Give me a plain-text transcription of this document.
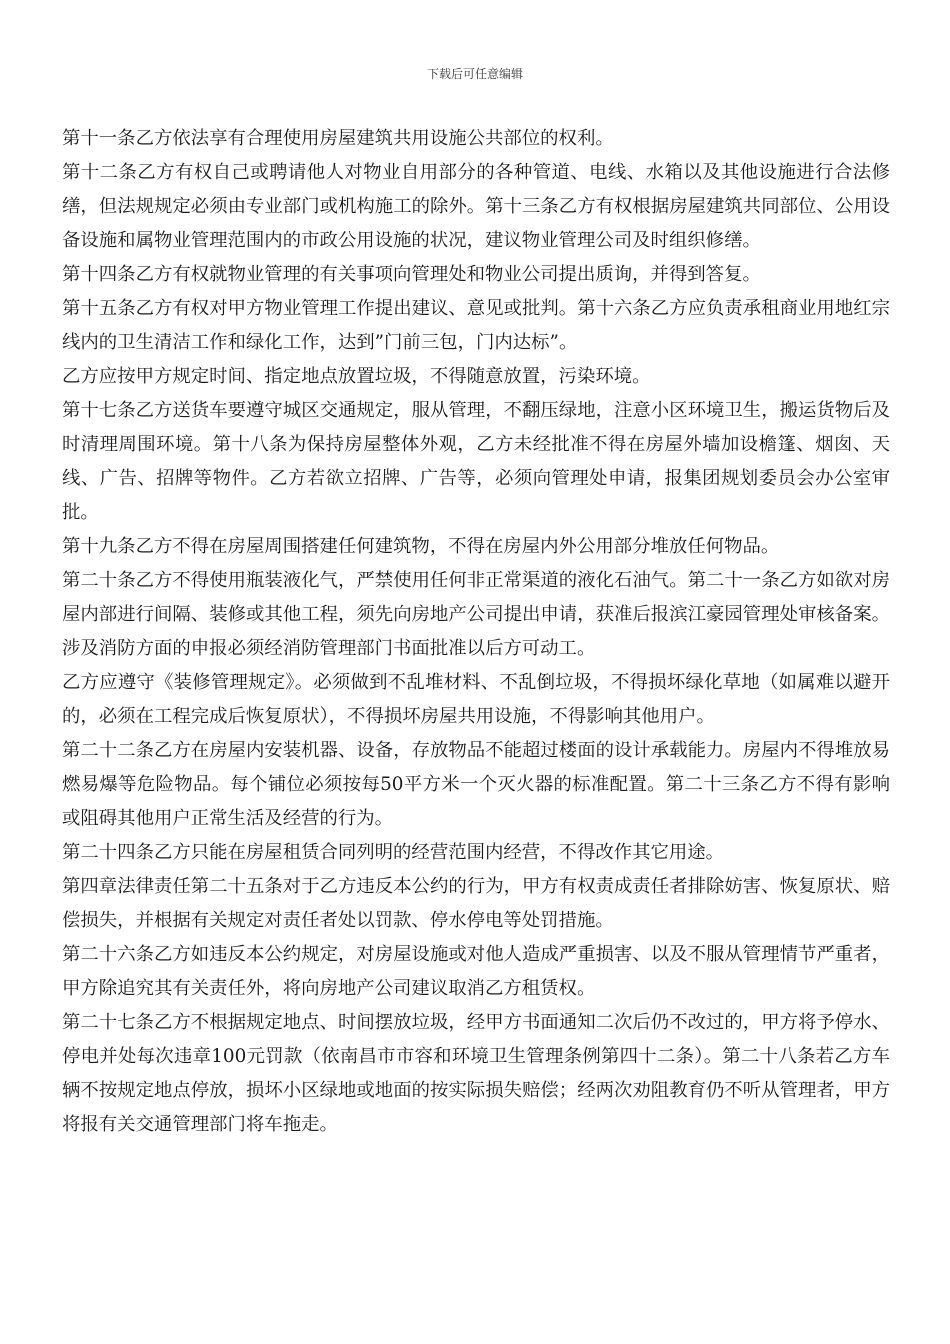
下载后可任意编辑

第十一条乙方依法享有合理使用房屋建筑共用设施公共部位的权利。

第十二条乙方有权自己或聘请他人对物业自用部分的各种管道、电线、水箱以及其他设施进行合法修缮，但法规规定必须由专业部门或机构施工的除外。第十三条乙方有权根据房屋建筑共同部位、公用设备设施和属物业管理范围内的市政公用设施的状况，建议物业管理公司及时组织修缮。

第十四条乙方有权就物业管理的有关事项向管理处和物业公司提出质询，并得到答复。

第十五条乙方有权对甲方物业管理工作提出建议、意见或批判。第十六条乙方应负责承租商业用地红宗线内的卫生清洁工作和绿化工作，达到”门前三包，门内达标”。

乙方应按甲方规定时间、指定地点放置垃圾，不得随意放置，污染环境。

第十七条乙方送货车要遵守城区交通规定，服从管理，不翻压绿地，注意小区环境卫生，搬运货物后及时清理周围环境。第十八条为保持房屋整体外观，乙方未经批准不得在房屋外墙加设檐篷、烟囱、天线、广告、招牌等物件。乙方若欲立招牌、广告等，必须向管理处申请，报集团规划委员会办公室审批。

第十九条乙方不得在房屋周围搭建任何建筑物，不得在房屋内外公用部分堆放任何物品。

第二十条乙方不得使用瓶装液化气，严禁使用任何非正常渠道的液化石油气。第二十一条乙方如欲对房屋内部进行间隔、装修或其他工程，须先向房地产公司提出申请，获准后报滨江豪园管理处审核备案。涉及消防方面的申报必须经消防管理部门书面批准以后方可动工。

乙方应遵守《装修管理规定》。必须做到不乱堆材料、不乱倒垃圾，不得损坏绿化草地（如属难以避开的，必须在工程完成后恢复原状），不得损坏房屋共用设施，不得影响其他用户。

第二十二条乙方在房屋内安装机器、设备，存放物品不能超过楼面的设计承载能力。房屋内不得堆放易燃易爆等危险物品。每个铺位必须按每50平方米一个灭火器的标准配置。第二十三条乙方不得有影响或阻碍其他用户正常生活及经营的行为。

第二十四条乙方只能在房屋租赁合同列明的经营范围内经营，不得改作其它用途。

第四章法律责任第二十五条对于乙方违反本公约的行为，甲方有权责成责任者排除妨害、恢复原状、赔偿损失，并根据有关规定对责任者处以罚款、停水停电等处罚措施。

第二十六条乙方如违反本公约规定，对房屋设施或对他人造成严重损害、以及不服从管理情节严重者，甲方除追究其有关责任外，将向房地产公司建议取消乙方租赁权。

第二十七条乙方不根据规定地点、时间摆放垃圾，经甲方书面通知二次后仍不改过的，甲方将予停水、停电并处每次违章100元罚款（依南昌市市容和环境卫生管理条例第四十二条）。第二十八条若乙方车辆不按规定地点停放，损坏小区绿地或地面的按实际损失赔偿；经两次劝阻教育仍不听从管理者，甲方将报有关交通管理部门将车拖走。
